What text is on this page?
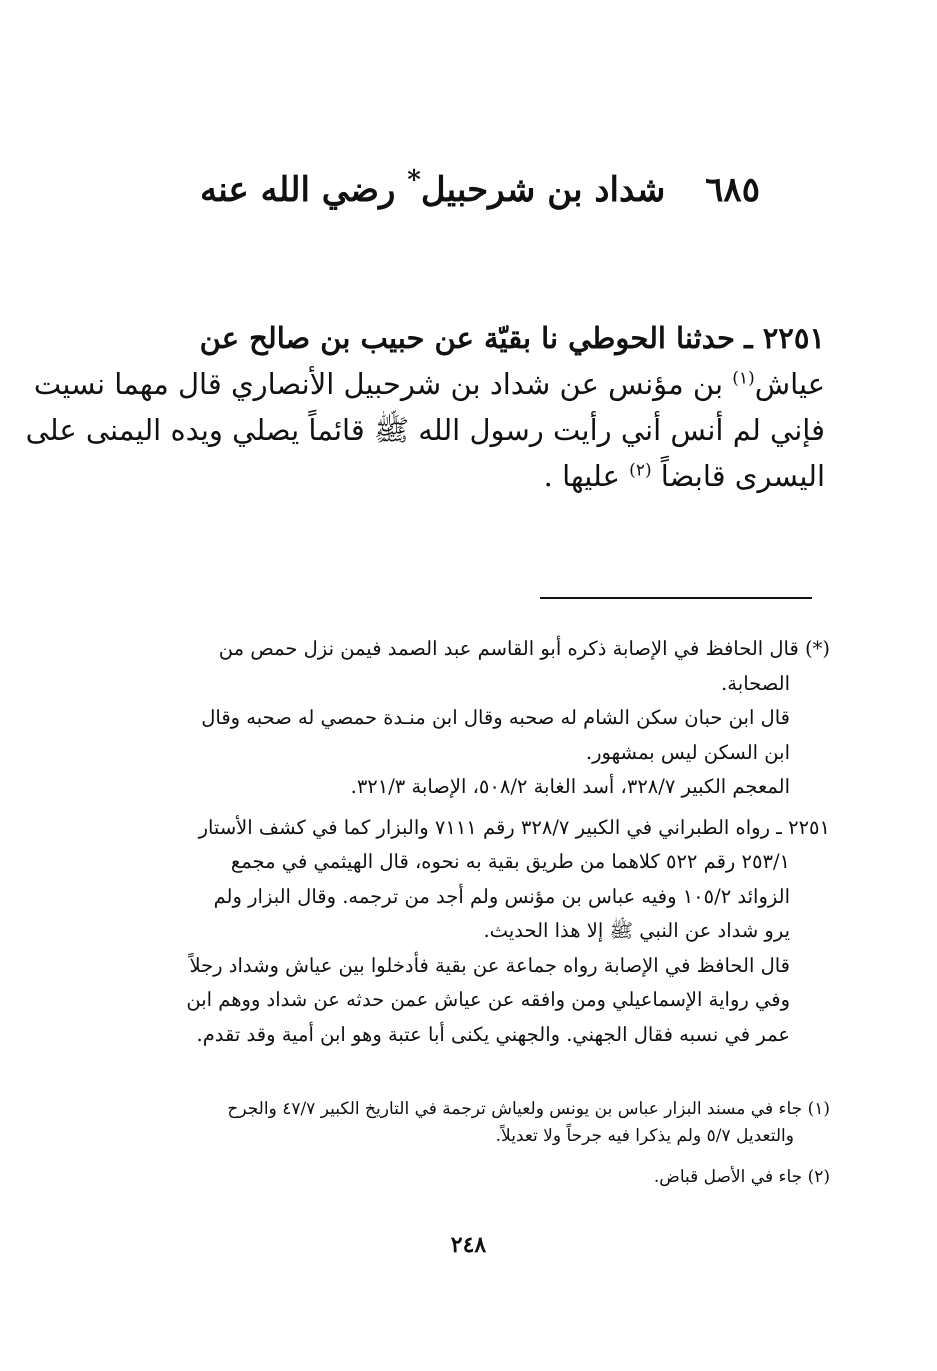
٦٨٥ شداد بن شرحبيل* رضي الله عنه
٢٢٥١ ـ حدثنا الحوطي نا بقيّة عن حبيب بن صالح عن
عياش$^{(١)}$ بن مؤنس عن شداد بن شرحبيل الأنصاري قال مهما نسيت
فإني لم أنس أني رأيت رسول الله ﷺ قائماً يصلي ويده اليمنى على
اليسرى قابضاً $^{(٢)}$ عليها .
(*) قال الحافظ في الإصابة ذكره أبو القاسم عبد الصمد فيمن نزل حمص من
الصحابة.
قال ابن حبان سكن الشام له صحبه وقال ابن منـدة حمصي له صحبه وقال
ابن السكن ليس بمشهور.
المعجم الكبير ٣٢٨/٧، أسد الغابة ٥٠٨/٢، الإصابة ٣٢١/٣.
٢٢٥١ ـ رواه الطبراني في الكبير ٣٢٨/٧ رقم ٧١١١ والبزار كما في كشف الأستار
٢٥٣/١ رقم ٥٢٢ كلاهما من طريق بقية به نحوه، قال الهيثمي في مجمع
الزوائد ١٠٥/٢ وفيه عباس بن مؤنس ولم أجد من ترجمه. وقال البزار ولم
يرو شداد عن النبي ﷺ إلا هذا الحديث.
قال الحافظ في الإصابة رواه جماعة عن بقية فأدخلوا بين عياش وشداد رجلاً
وفي رواية الإسماعيلي ومن وافقه عن عياش عمن حدثه عن شداد ووهم ابن
عمر في نسبه فقال الجهني. والجهني يكنى أبا عتبة وهو ابن أمية وقد تقدم.
(١) جاء في مسند البزار عباس بن يونس ولعياش ترجمة في التاريخ الكبير ٤٧/٧ والجرح
والتعديل ٥/٧ ولم يذكرا فيه جرحاً ولا تعديلاً.
(٢) جاء في الأصل قباض.
٢٤٨
